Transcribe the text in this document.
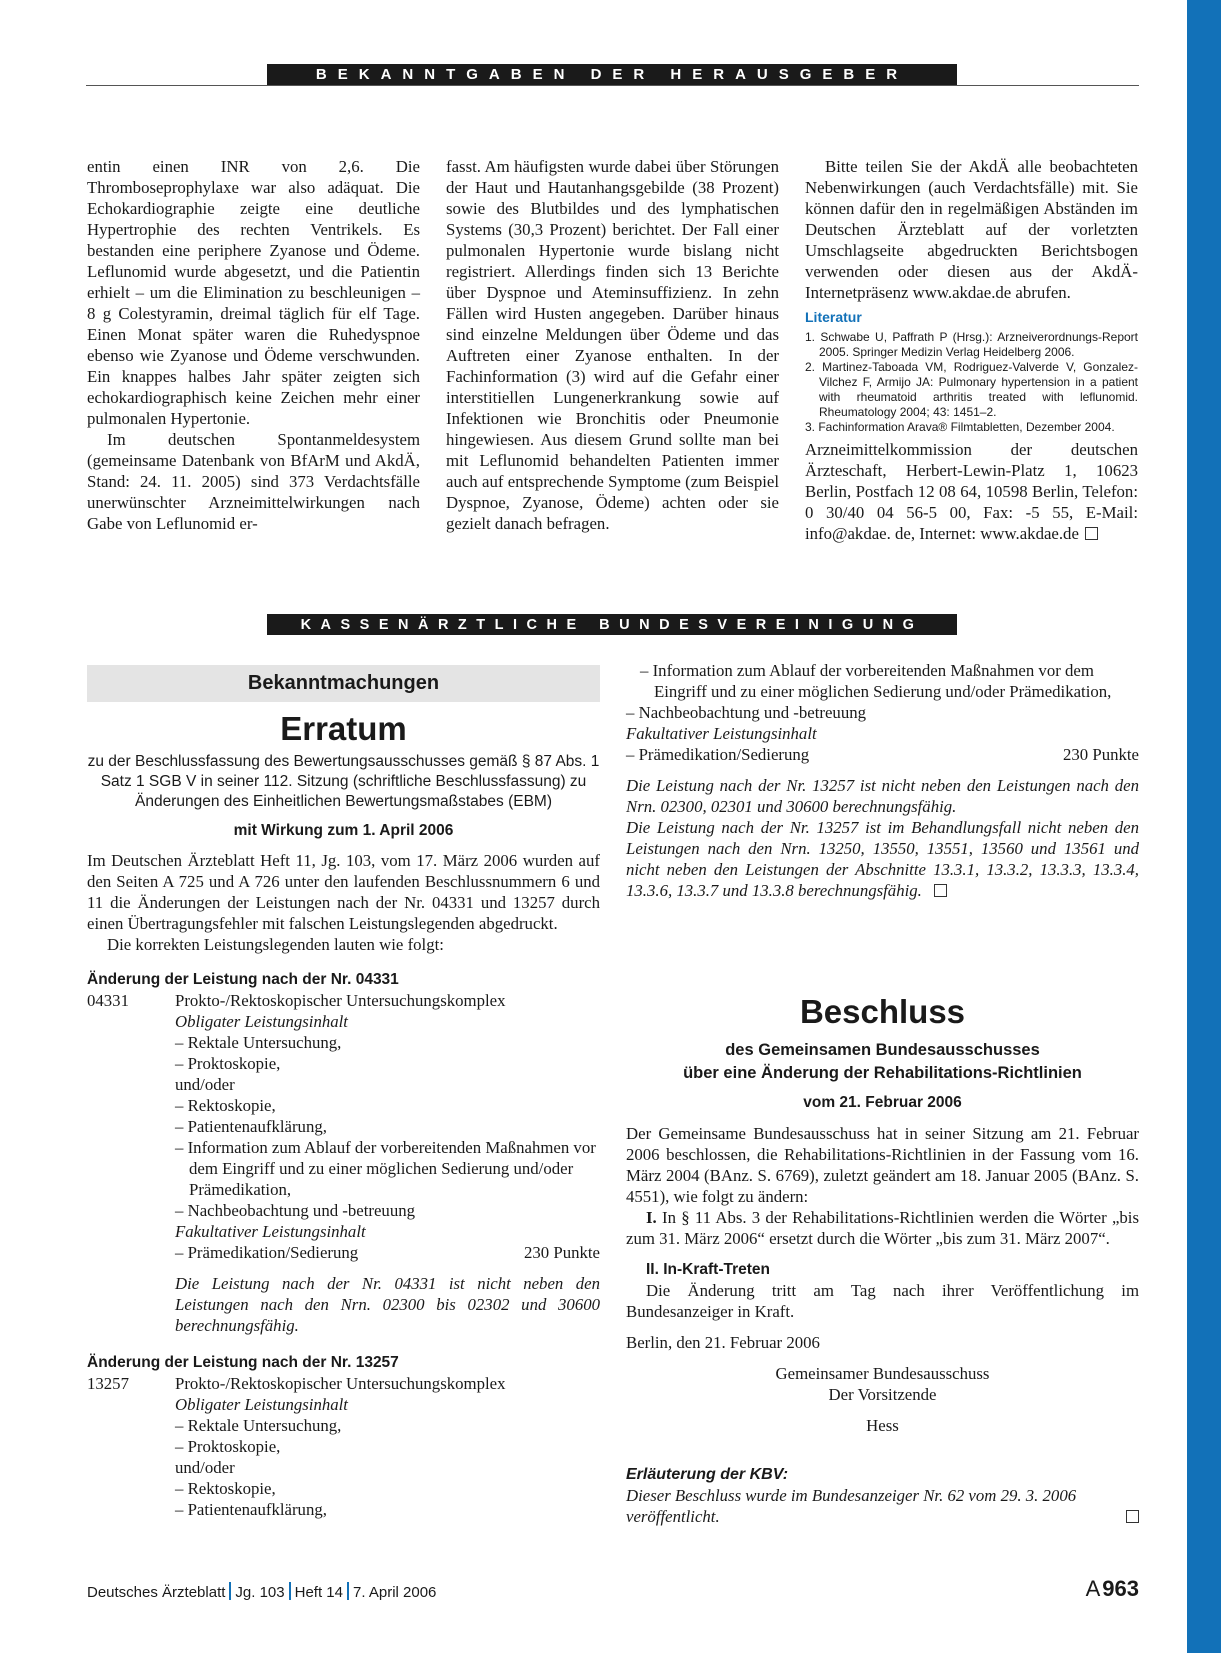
BEKANNTGABEN DER HERAUSGEBER

entin einen INR von 2,6. Die Thromboseprophylaxe war also adäquat. Die Echokardiographie zeigte eine deutliche Hypertrophie des rechten Ventrikels. Es bestanden eine periphere Zyanose und Ödeme. Leflunomid wurde abgesetzt, und die Patientin erhielt – um die Elimination zu beschleunigen – 8 g Colestyramin, dreimal täglich für elf Tage. Einen Monat später waren die Ruhedyspnoe ebenso wie Zyanose und Ödeme verschwunden. Ein knappes halbes Jahr später zeigten sich echokardiographisch keine Zeichen mehr einer pulmonalen Hypertonie.

Im deutschen Spontanmeldesystem (gemeinsame Datenbank von BfArM und AkdÄ, Stand: 24. 11. 2005) sind 373 Verdachtsfälle unerwünschter Arzneimittelwirkungen nach Gabe von Leflunomid er-

fasst. Am häufigsten wurde dabei über Störungen der Haut und Hautanhangsgebilde (38 Prozent) sowie des Blutbildes und des lymphatischen Systems (30,3 Prozent) berichtet. Der Fall einer pulmonalen Hypertonie wurde bislang nicht registriert. Allerdings finden sich 13 Berichte über Dyspnoe und Ateminsuffizienz. In zehn Fällen wird Husten angegeben. Darüber hinaus sind einzelne Meldungen über Ödeme und das Auftreten einer Zyanose enthalten. In der Fachinformation (3) wird auf die Gefahr einer interstitiellen Lungenerkrankung sowie auf Infektionen wie Bronchitis oder Pneumonie hingewiesen. Aus diesem Grund sollte man bei mit Leflunomid behandelten Patienten immer auch auf entsprechende Symptome (zum Beispiel Dyspnoe, Zyanose, Ödeme) achten oder sie gezielt danach befragen.

Bitte teilen Sie der AkdÄ alle beobachteten Nebenwirkungen (auch Verdachtsfälle) mit. Sie können dafür den in regelmäßigen Abständen im Deutschen Ärzteblatt auf der vorletzten Umschlagseite abgedruckten Berichtsbogen verwenden oder diesen aus der AkdÄ-Internetpräsenz www.akdae.de abrufen.

Literatur
1. Schwabe U, Paffrath P (Hrsg.): Arzneiverordnungs-Report 2005. Springer Medizin Verlag Heidelberg 2006.
2. Martinez-Taboada VM, Rodriguez-Valverde V, Gonzalez-Vilchez F, Armijo JA: Pulmonary hypertension in a patient with rheumatoid arthritis treated with leflunomid. Rheumatology 2004; 43: 1451–2.
3. Fachinformation Arava® Filmtabletten, Dezember 2004.

Arzneimittelkommission der deutschen Ärzteschaft, Herbert-Lewin-Platz 1, 10623 Berlin, Postfach 12 08 64, 10598 Berlin, Telefon: 0 30/40 04 56-5 00, Fax: -5 55, E-Mail: info@akdae. de, Internet: www.akdae.de

KASSENÄRZTLICHE BUNDESVEREINIGUNG
Bekanntmachungen
Erratum
zu der Beschlussfassung des Bewertungsausschusses gemäß § 87 Abs. 1 Satz 1 SGB V in seiner 112. Sitzung (schriftliche Beschlussfassung) zu Änderungen des Einheitlichen Bewertungsmaßstabes (EBM)
mit Wirkung zum 1. April 2006

Im Deutschen Ärzteblatt Heft 11, Jg. 103, vom 17. März 2006 wurden auf den Seiten A 725 und A 726 unter den laufenden Beschlussnummern 6 und 11 die Änderungen der Leistungen nach der Nr. 04331 und 13257 durch einen Übertragungsfehler mit falschen Leistungslegenden abgedruckt.

Die korrekten Leistungslegenden lauten wie folgt:

Änderung der Leistung nach der Nr. 04331
04331	Prokto-/Rektoskopischer Untersuchungskomplex
Obligater Leistungsinhalt
– Rektale Untersuchung,
– Proktoskopie,
und/oder
– Rektoskopie,
– Patientenaufklärung,
– Information zum Ablauf der vorbereitenden Maßnahmen vor dem Eingriff und zu einer möglichen Sedierung und/oder Prämedikation,
– Nachbeobachtung und -betreuung
Fakultativer Leistungsinhalt
– Prämedikation/Sedierung	230 Punkte

Die Leistung nach der Nr. 04331 ist nicht neben den Leistungen nach den Nrn. 02300 bis 02302 und 30600 berechnungsfähig.

Änderung der Leistung nach der Nr. 13257
13257	Prokto-/Rektoskopischer Untersuchungskomplex
Obligater Leistungsinhalt
– Rektale Untersuchung,
– Proktoskopie,
und/oder
– Rektoskopie,
– Patientenaufklärung,
– Information zum Ablauf der vorbereitenden Maßnahmen vor dem Eingriff und zu einer möglichen Sedierung und/oder Prämedikation,
– Nachbeobachtung und -betreuung
Fakultativer Leistungsinhalt
– Prämedikation/Sedierung	230 Punkte

Die Leistung nach der Nr. 13257 ist nicht neben den Leistungen nach den Nrn. 02300, 02301 und 30600 berechnungsfähig.

Die Leistung nach der Nr. 13257 ist im Behandlungsfall nicht neben den Leistungen nach den Nrn. 13250, 13550, 13551, 13560 und 13561 und nicht neben den Leistungen der Abschnitte 13.3.1, 13.3.2, 13.3.3, 13.3.4, 13.3.6, 13.3.7 und 13.3.8 berechnungsfähig.

Beschluss
des Gemeinsamen Bundesausschusses
über eine Änderung der Rehabilitations-Richtlinien
vom 21. Februar 2006

Der Gemeinsame Bundesausschuss hat in seiner Sitzung am 21. Februar 2006 beschlossen, die Rehabilitations-Richtlinien in der Fassung vom 16. März 2004 (BAnz. S. 6769), zuletzt geändert am 18. Januar 2005 (BAnz. S. 4551), wie folgt zu ändern:

I. In § 11 Abs. 3 der Rehabilitations-Richtlinien werden die Wörter „bis zum 31. März 2006“ ersetzt durch die Wörter „bis zum 31. März 2007“.

II. In-Kraft-Treten

Die Änderung tritt am Tag nach ihrer Veröffentlichung im Bundesanzeiger in Kraft.

Berlin, den 21. Februar 2006

Gemeinsamer Bundesausschuss
Der Vorsitzende
Hess
Erläuterung der KBV:

Dieser Beschluss wurde im Bundesanzeiger Nr. 62 vom 29. 3. 2006 veröffentlicht.

Deutsches Ärzteblatt Jg. 103 Heft 14 7. April 2006	A963
